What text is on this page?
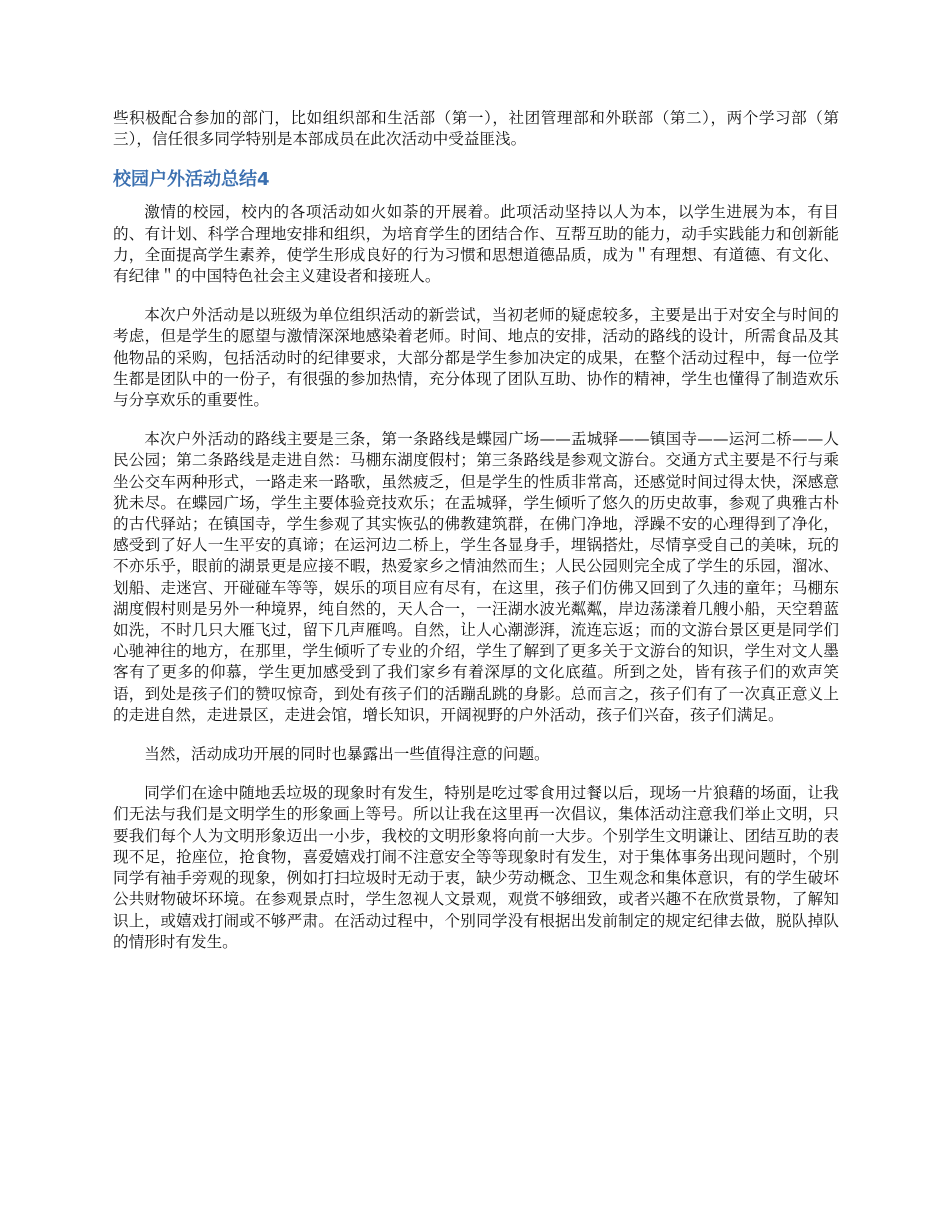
些积极配合参加的部门，比如组织部和生活部（第一），社团管理部和外联部（第二），两个学习部（第三），信任很多同学特别是本部成员在此次活动中受益匪浅。

校园户外活动总结4

激情的校园，校内的各项活动如火如荼的开展着。此项活动坚持以人为本，以学生进展为本，有目的、有计划、科学合理地安排和组织，为培育学生的团结合作、互帮互助的能力，动手实践能力和创新能力，全面提高学生素养，使学生形成良好的行为习惯和思想道德品质，成为＂有理想、有道德、有文化、有纪律＂的中国特色社会主义建设者和接班人。

本次户外活动是以班级为单位组织活动的新尝试，当初老师的疑虑较多，主要是出于对安全与时间的考虑，但是学生的愿望与激情深深地感染着老师。时间、地点的安排，活动的路线的设计，所需食品及其他物品的采购，包括活动时的纪律要求，大部分都是学生参加决定的成果，在整个活动过程中，每一位学生都是团队中的一份子，有很强的参加热情，充分体现了团队互助、协作的精神，学生也懂得了制造欢乐与分享欢乐的重要性。

本次户外活动的路线主要是三条，第一条路线是蝶园广场——盂城驿——镇国寺——运河二桥——人民公园；第二条路线是走进自然：马棚东湖度假村；第三条路线是参观文游台。交通方式主要是不行与乘坐公交车两种形式，一路走来一路歌，虽然疲乏，但是学生的性质非常高，还感觉时间过得太快，深感意犹未尽。在蝶园广场，学生主要体验竞技欢乐；在盂城驿，学生倾听了悠久的历史故事，参观了典雅古朴的古代驿站；在镇国寺，学生参观了其实恢弘的佛教建筑群，在佛门净地，浮躁不安的心理得到了净化，感受到了好人一生平安的真谛；在运河边二桥上，学生各显身手，埋锅搭灶，尽情享受自己的美味，玩的不亦乐乎，眼前的湖景更是应接不暇，热爱家乡之情油然而生；人民公园则完全成了学生的乐园，溜冰、划船、走迷宫、开碰碰车等等，娱乐的项目应有尽有，在这里，孩子们仿佛又回到了久违的童年；马棚东湖度假村则是另外一种境界，纯自然的，天人合一，一汪湖水波光粼粼，岸边荡漾着几艘小船，天空碧蓝如洗，不时几只大雁飞过，留下几声雁鸣。自然，让人心潮澎湃，流连忘返；而的文游台景区更是同学们心驰神往的地方，在那里，学生倾听了专业的介绍，学生了解到了更多关于文游台的知识，学生对文人墨客有了更多的仰慕，学生更加感受到了我们家乡有着深厚的文化底蕴。所到之处，皆有孩子们的欢声笑语，到处是孩子们的赞叹惊奇，到处有孩子们的活蹦乱跳的身影。总而言之，孩子们有了一次真正意义上的走进自然，走进景区，走进会馆，增长知识，开阔视野的户外活动，孩子们兴奋，孩子们满足。

当然，活动成功开展的同时也暴露出一些值得注意的问题。

同学们在途中随地丢垃圾的现象时有发生，特别是吃过零食用过餐以后，现场一片狼藉的场面，让我们无法与我们是文明学生的形象画上等号。所以让我在这里再一次倡议，集体活动注意我们举止文明，只要我们每个人为文明形象迈出一小步，我校的文明形象将向前一大步。个别学生文明谦让、团结互助的表现不足，抢座位，抢食物，喜爱嬉戏打闹不注意安全等等现象时有发生，对于集体事务出现问题时，个别同学有袖手旁观的现象，例如打扫垃圾时无动于衷，缺少劳动概念、卫生观念和集体意识，有的学生破坏公共财物破坏环境。在参观景点时，学生忽视人文景观，观赏不够细致，或者兴趣不在欣赏景物，了解知识上，或嬉戏打闹或不够严肃。在活动过程中，个别同学没有根据出发前制定的规定纪律去做，脱队掉队的情形时有发生。
